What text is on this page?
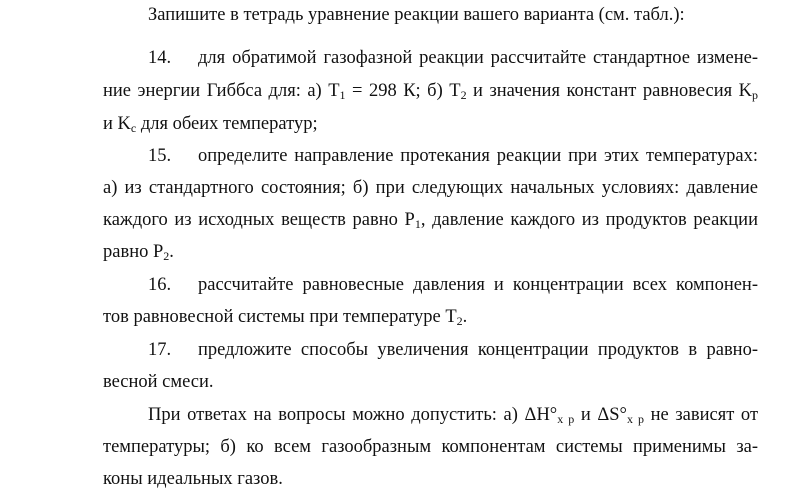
Запишите в тетрадь уравнение реакции вашего варианта (см. табл.):
14. для обратимой газофазной реакции рассчитайте стандартное измене-
ние энергии Гиббса для: а) $T_1 = 298$ К; б) $T_2$ и значения констант равновесия $K_p$
и $K_c$ для обеих температур;
15. определите направление протекания реакции при этих температурах:
а) из стандартного состояния; б) при следующих начальных условиях: давление
каждого из исходных веществ равно $P_1$, давление каждого из продуктов реакции
равно $P_2$.
16. рассчитайте равновесные давления и концентрации всех компонен-
тов равновесной системы при температуре $T_2$.
17. предложите способы увеличения концентрации продуктов в равно-
весной смеси.
При ответах на вопросы можно допустить: а) $\Delta H^\circ_{х р}$ и $\Delta S^\circ_{х р}$ не зависят от
температуры; б) ко всем газообразным компонентам системы применимы за-
коны идеальных газов.
